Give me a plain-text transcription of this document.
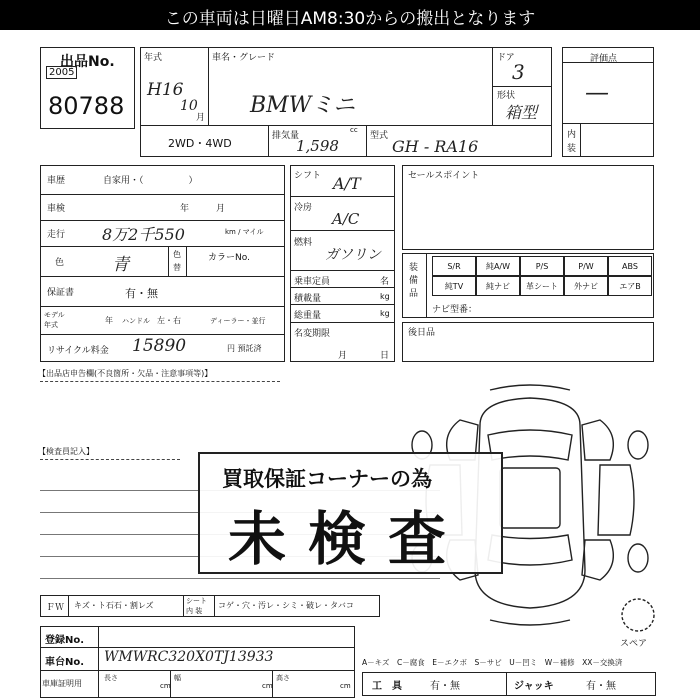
この車両は日曜日AM8:30からの搬出となります
出品No.
2005
80788
年式
H16
10
月
車名・グレード
BMWミニ
ドア
3
形状
箱型
2WD・4WD
排気量
cc
1,598
型式
GH - RA16
評価点
—
内
装
車歴	自家用・（　　　　　）
車検	年　　　月
走行 8万2千550	km / マイル
色	青
色
替
カラーNo.
保証書	有・無
モデル
年式	年 ハンドル 左・右	ディーラー・並行
リサイクル料金 15890	円 預託済
シフト A/T
冷房
A/C
燃料
ガソリン
乗車定員	名
積載量	kg
総重量	kg
名変期限
月	日
セールスポイント
装備品
S/R	純A/W	P/S	P/W	ABS
純TV	純ナビ	革シート	外ナビ	エアB
ナビ型番：
後日品
【出品店申告欄(不良箇所・欠品・注意事項等)】
【検査員記入】
スペア
買取保証コーナーの為
未検査
ＦＷ キズ・ト石石・割レズ	シート
内 装
コゲ・穴・汚レ・シミ・破レ・タバコ
登録No.
車台No. WMWRC320X0TJ13933
車庫証明用
長さ
cm
幅
cm
高さ
cm
A－キズ　C－腐食　E－エクボ　S－サビ　U－凹ミ　W－補修　XX－交換済
工　具	有・無	ジャッキ	有・無
